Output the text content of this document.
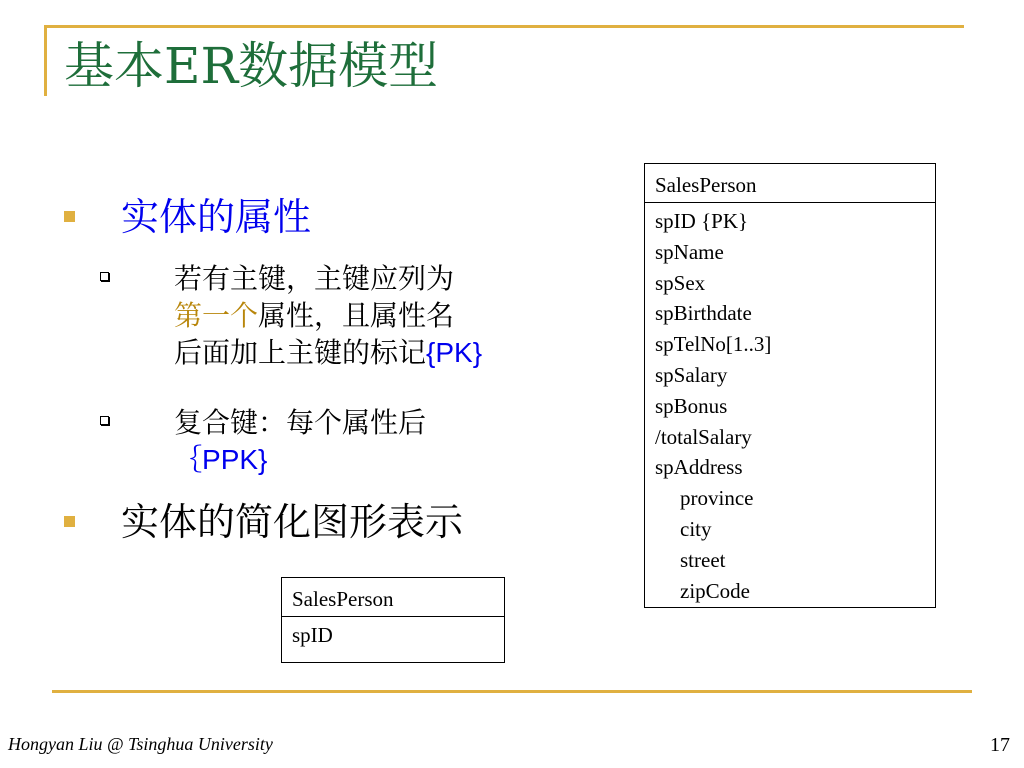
基本ER数据模型
实体的属性
若有主键，主键应列为
第一个属性，且属性名
后面加上主键的标记{PK}
复合键：每个属性后
｛PPK}
实体的简化图形表示
SalesPerson
spID {PK}
spName
spSex
spBirthdate
spTelNo[1..3]
spSalary
spBonus
/totalSalary
spAddress
province
city
street
zipCode
SalesPerson
spID
Hongyan Liu @ Tsinghua University	17
